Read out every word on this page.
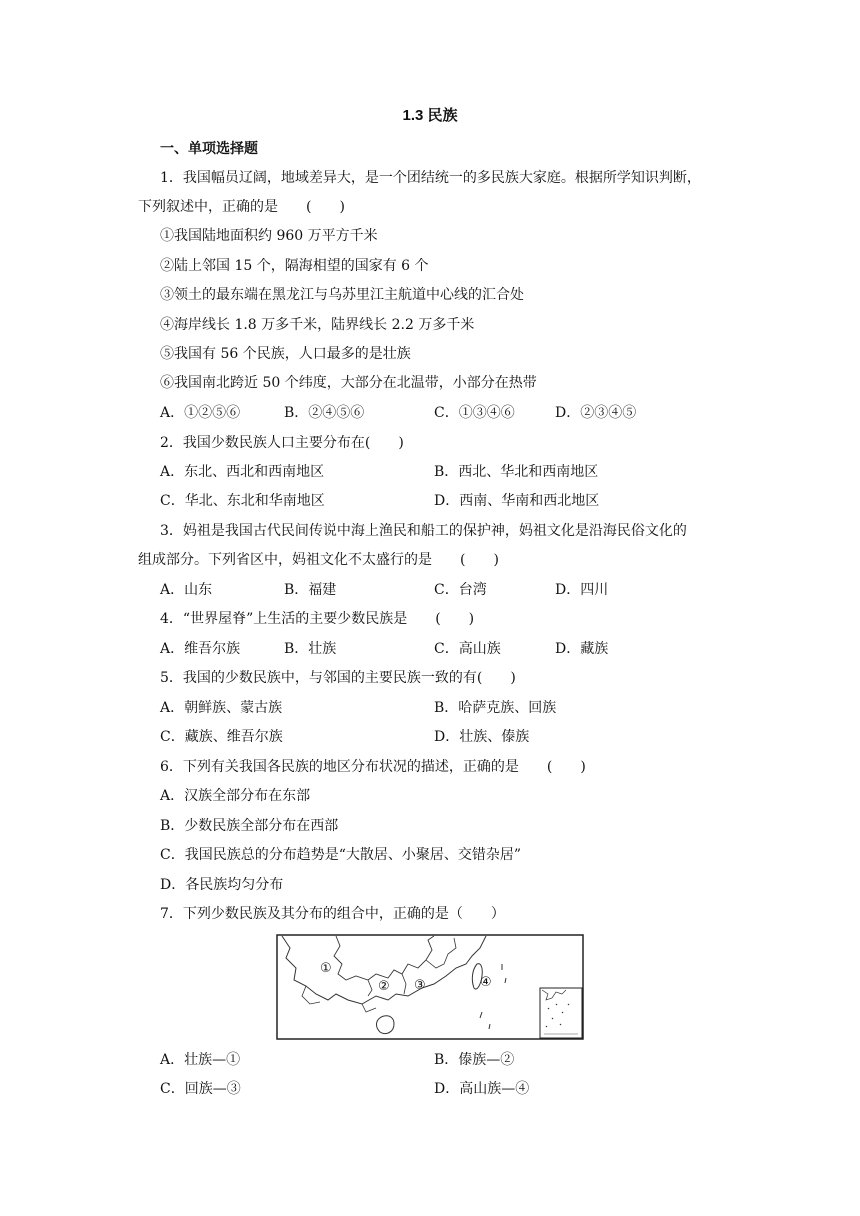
1.3 民族
一、单项选择题
1．我国幅员辽阔，地域差异大，是一个团结统一的多民族大家庭。根据所学知识判断，
下列叙述中，正确的是　　(　　)
①我国陆地面积约 960 万平方千米
②陆上邻国 15 个，隔海相望的国家有 6 个
③领土的最东端在黑龙江与乌苏里江主航道中心线的汇合处
④海岸线长 1.8 万多千米，陆界线长 2.2 万多千米
⑤我国有 56 个民族，人口最多的是壮族
⑥我国南北跨近 50 个纬度，大部分在北温带，小部分在热带
A．①②⑤⑥	B．②④⑤⑥	C．①③④⑥	D．②③④⑤
2．我国少数民族人口主要分布在(　　)
A．东北、西北和西南地区	B．西北、华北和西南地区
C．华北、东北和华南地区	D．西南、华南和西北地区
3．妈祖是我国古代民间传说中海上渔民和船工的保护神，妈祖文化是沿海民俗文化的
组成部分。下列省区中，妈祖文化不太盛行的是　　(　　)
A．山东	B．福建	C．台湾	D．四川
4．“世界屋脊”上生活的主要少数民族是　　(　　)
A．维吾尔族	B．壮族	C．高山族	D．藏族
5．我国的少数民族中，与邻国的主要民族一致的有(　　)
A．朝鲜族、蒙古族	B．哈萨克族、回族
C．藏族、维吾尔族	D．壮族、傣族
6．下列有关我国各民族的地区分布状况的描述，正确的是　　(　　)
A．汉族全部分布在东部
B．少数民族全部分布在西部
C．我国民族总的分布趋势是“大散居、小聚居、交错杂居”
D．各民族均匀分布
7．下列少数民族及其分布的组合中，正确的是（　　）
①
② ③	④
A．壮族—①	B．傣族—②
C．回族—③	D．高山族—④
